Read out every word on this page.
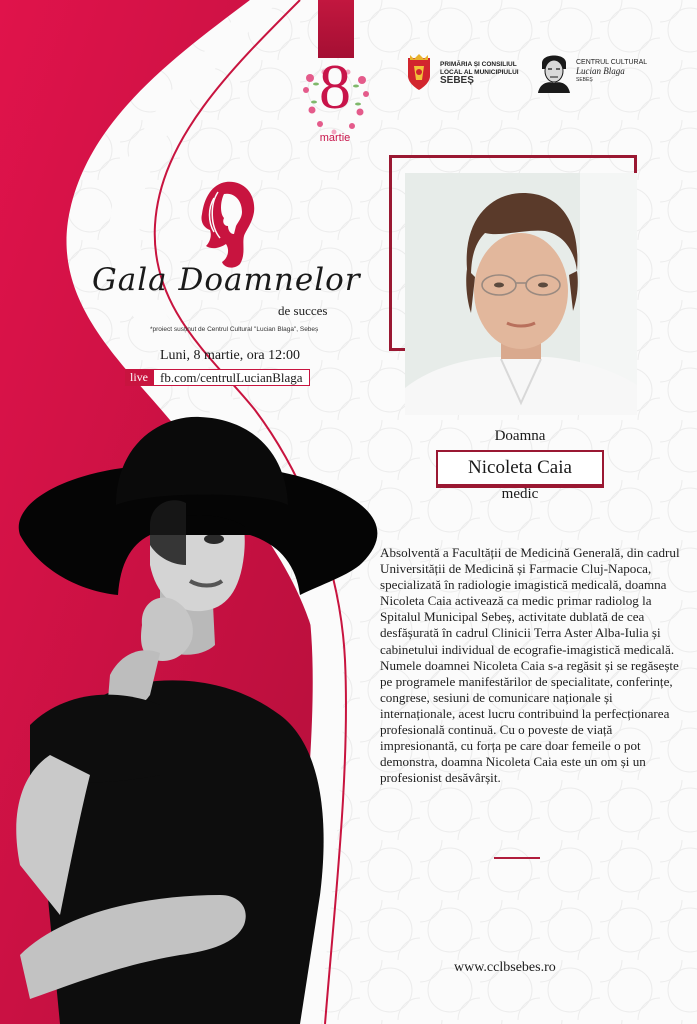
8
martie
PRIMĂRIA ȘI CONSILIUL
LOCAL AL MUNICIPIULUI
SEBEȘ
CENTRUL CULTURAL
Lucian Blaga
SEBEȘ
Gala Doamnelor
de succes
*proiect susținut de Centrul Cultural "Lucian Blaga", Sebeș
Luni, 8 martie, ora 12:00
live fb.com/centrulLucianBlaga
Doamna
Nicoleta Caia
medic
Absolventă a Facultății de Medicină Generală, din cadrul Universității de Medicină și Farmacie Cluj-Napoca, specializată în radiologie imagistică medicală, doamna Nicoleta Caia activează ca medic primar radiolog la Spitalul Municipal Sebeș, activitate dublată de cea desfășurată în cadrul Clinicii Terra Aster Alba-Iulia și cabinetului individual de ecografie-imagistică medicală. Numele doamnei Nicoleta Caia s-a regăsit și se regăsește pe programele manifestărilor de specialitate, conferințe, congrese, sesiuni de comunicare naționale și internaționale, acest lucru contribuind la perfecționarea profesională continuă. Cu o poveste de viață impresionantă, cu forța pe care doar femeile o pot demonstra, doamna Nicoleta Caia este un om și un profesionist desăvârșit.
www.cclbsebes.ro
